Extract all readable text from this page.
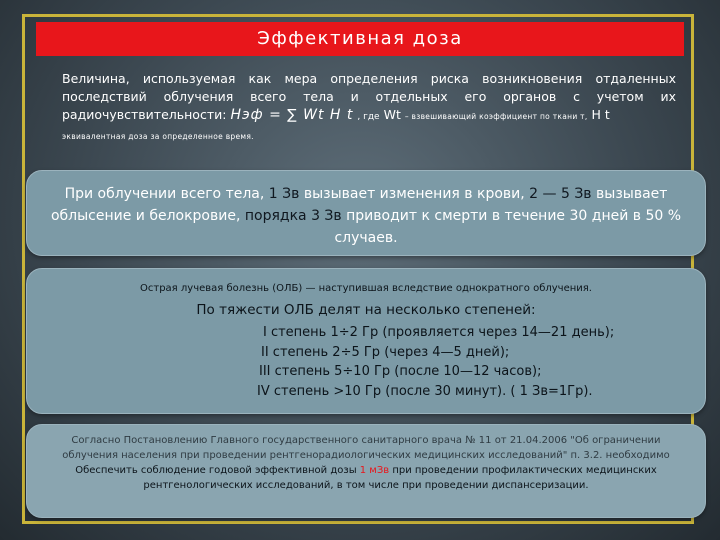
Эффективная доза
Величина, используемая как мера определения риска возникновения отдаленных последствий облучения всего тела и отдельных его органов с учетом их радиочувствительности: Нэф = ∑ Wt Н t , где Wt – взвешивающий коэффициент по ткани т, Н t
эквивалентная доза за определенное время.

При облучении всего тела, 1 Зв вызывает изменения в крови, 2 — 5 Зв вызывает облысение и белокровие, порядка 3 Зв приводит к смерти в течение 30 дней в 50 % случаев.

Острая лучевая болезнь (ОЛБ) — наступившая вследствие однократного облучения.

По тяжести ОЛБ делят на несколько степеней:

I степень 1÷2 Гр (проявляется через 14—21 день);

II степень 2÷5 Гр (через 4—5 дней);

III степень 5÷10 Гр (после 10—12 часов);

IV степень >10 Гр (после 30 минут). ( 1 Зв=1Гр).

Согласно Постановлению Главного государственного санитарного врача № 11 от 21.04.2006 "Об ограничении облучения населения при проведении рентгенорадиологических медицинских исследований" п. 3.2. необходимо

Обеспечить соблюдение годовой эффективной дозы 1 мЗв при проведении профилактических медицинских рентгенологических исследований, в том числе при проведении диспансеризации.
